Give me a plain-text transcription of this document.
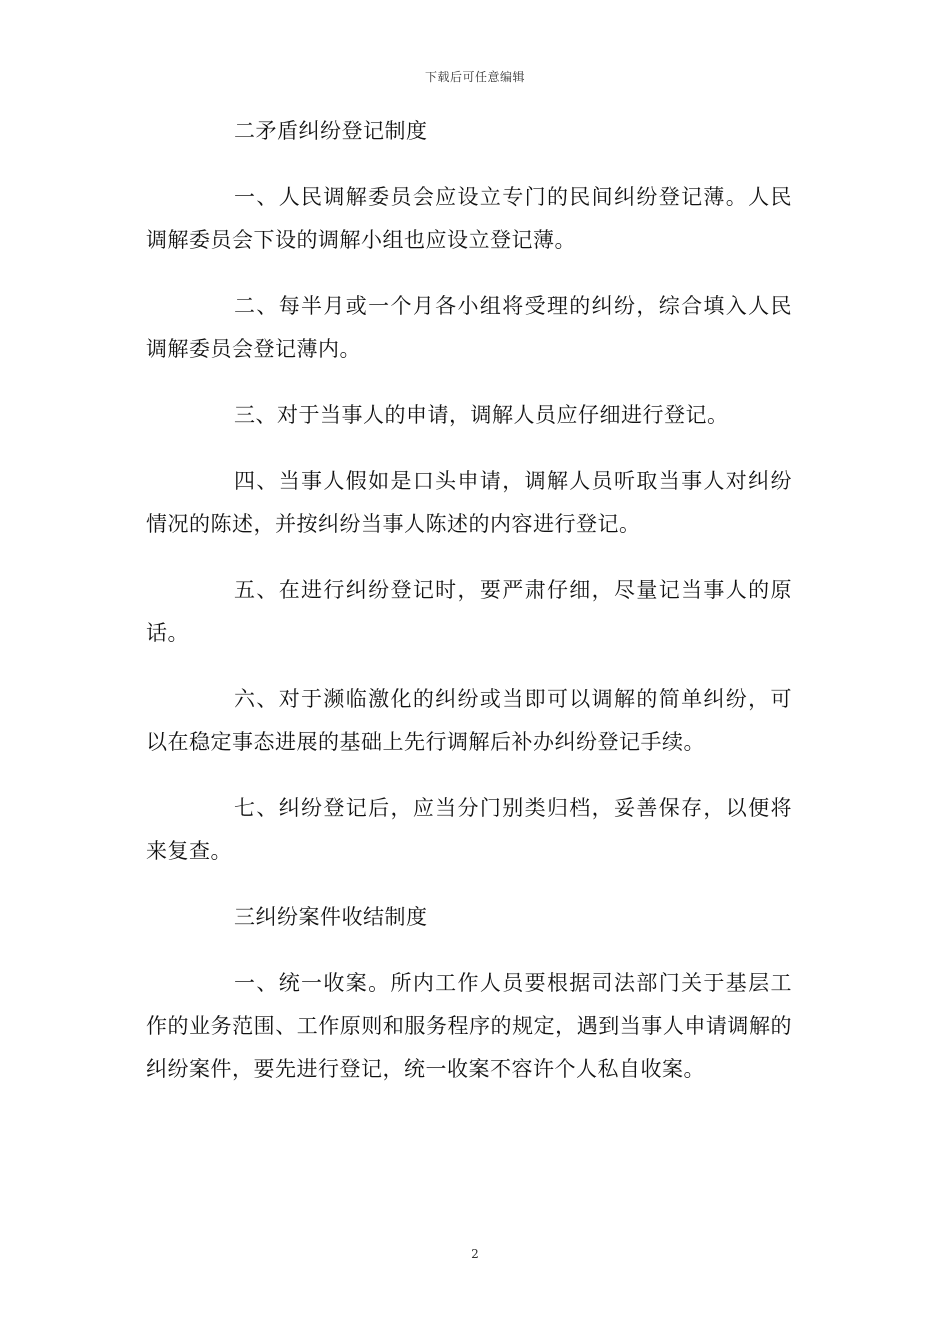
下载后可任意编辑

二矛盾纠纷登记制度

一、人民调解委员会应设立专门的民间纠纷登记薄。人民调解委员会下设的调解小组也应设立登记薄。

二、每半月或一个月各小组将受理的纠纷，综合填入人民调解委员会登记薄内。

三、对于当事人的申请，调解人员应仔细进行登记。

四、当事人假如是口头申请，调解人员听取当事人对纠纷情况的陈述，并按纠纷当事人陈述的内容进行登记。

五、在进行纠纷登记时，要严肃仔细，尽量记当事人的原话。

六、对于濒临激化的纠纷或当即可以调解的简单纠纷，可以在稳定事态进展的基础上先行调解后补办纠纷登记手续。

七、纠纷登记后，应当分门别类归档，妥善保存，以便将来复查。

三纠纷案件收结制度

一、统一收案。所内工作人员要根据司法部门关于基层工作的业务范围、工作原则和服务程序的规定，遇到当事人申请调解的纠纷案件，要先进行登记，统一收案不容许个人私自收案。

2
